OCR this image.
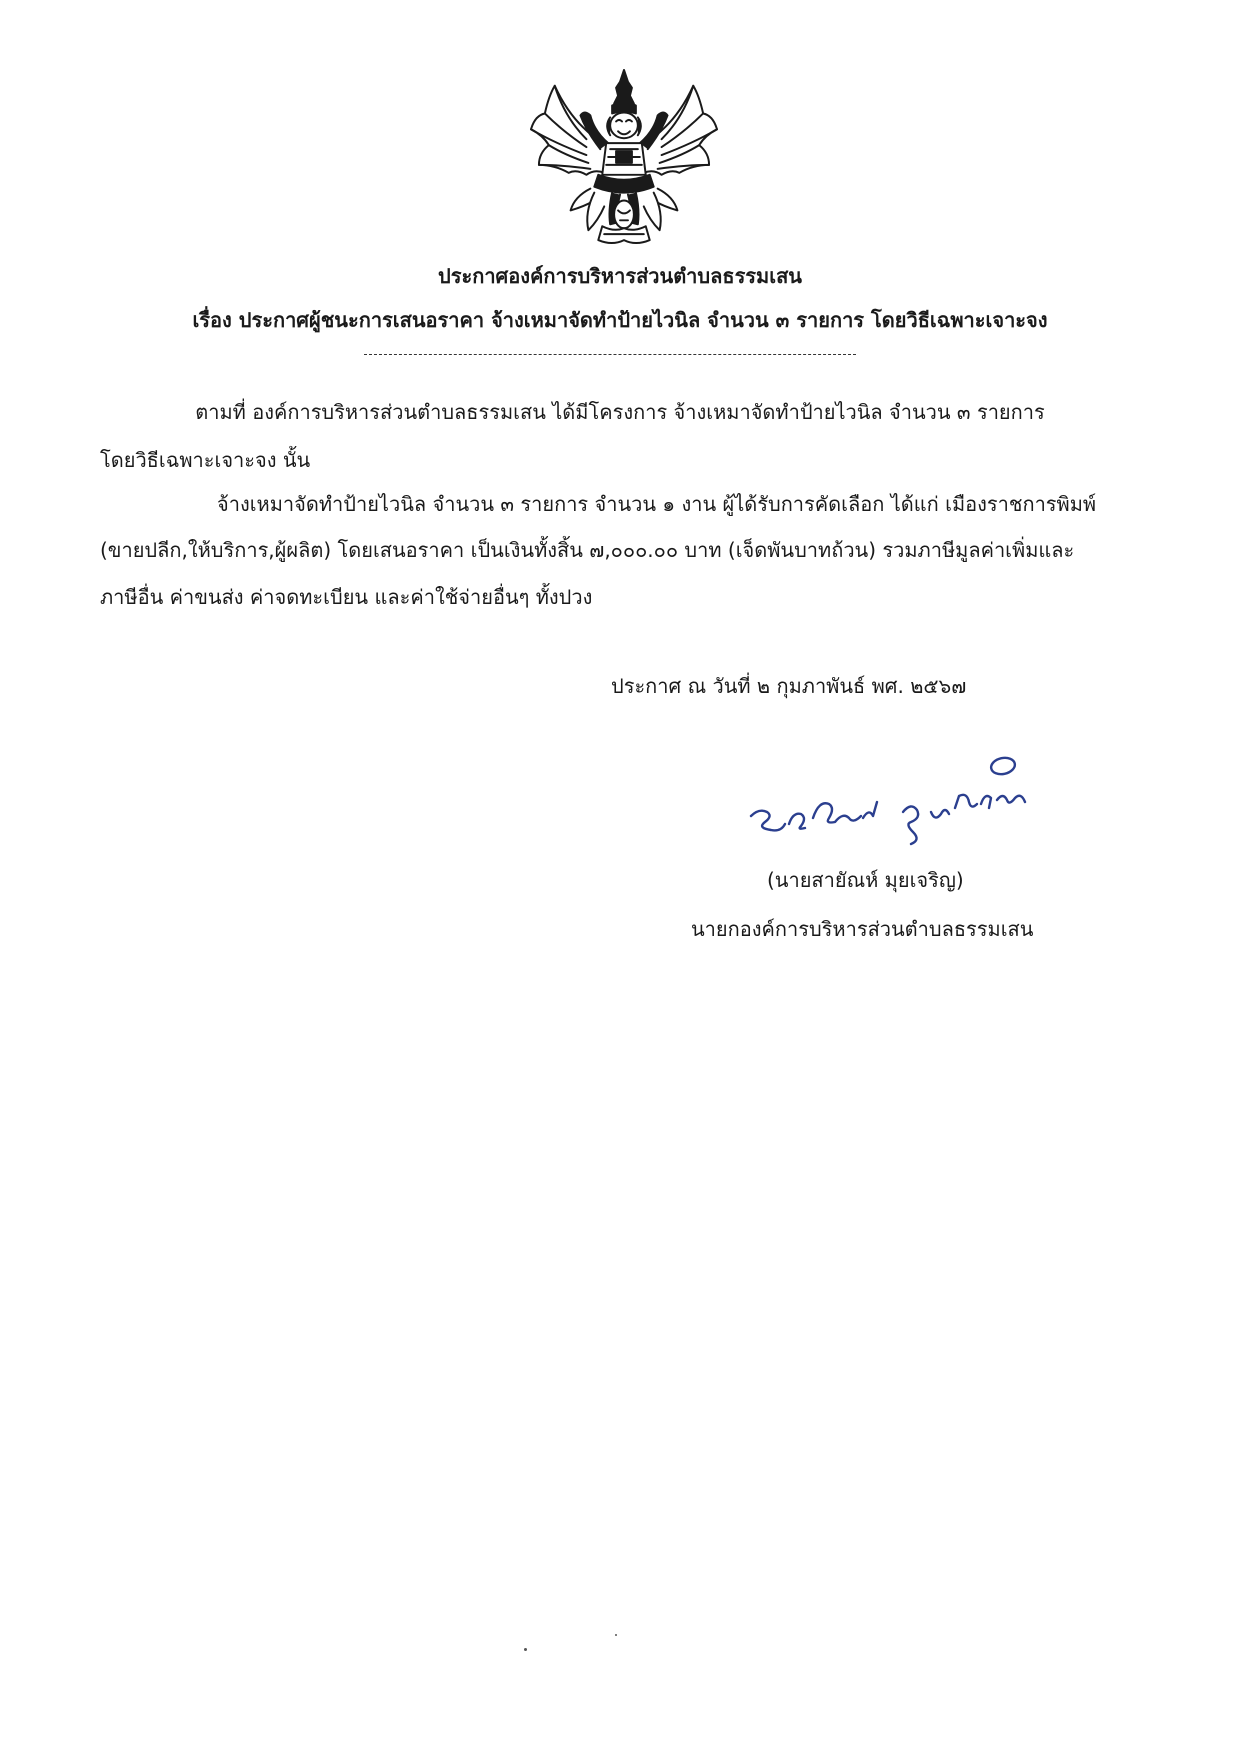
ประกาศองค์การบริหารส่วนตำบลธรรมเสน
เรื่อง ประกาศผู้ชนะการเสนอราคา จ้างเหมาจัดทำป้ายไวนิล จำนวน ๓ รายการ โดยวิธีเฉพาะเจาะจง
ตามที่ องค์การบริหารส่วนตำบลธรรมเสน ได้มีโครงการ จ้างเหมาจัดทำป้ายไวนิล จำนวน ๓ รายการ
โดยวิธีเฉพาะเจาะจง นั้น
จ้างเหมาจัดทำป้ายไวนิล จำนวน ๓ รายการ จำนวน ๑ งาน ผู้ได้รับการคัดเลือก ได้แก่ เมืองราชการพิมพ์
(ขายปลีก,ให้บริการ,ผู้ผลิต) โดยเสนอราคา เป็นเงินทั้งสิ้น ๗,๐๐๐.๐๐ บาท (เจ็ดพันบาทถ้วน) รวมภาษีมูลค่าเพิ่มและ
ภาษีอื่น ค่าขนส่ง ค่าจดทะเบียน และค่าใช้จ่ายอื่นๆ ทั้งปวง
ประกาศ ณ วันที่ ๒ กุมภาพันธ์ พศ. ๒๕๖๗
(นายสายัณห์ มุยเจริญ)
นายกองค์การบริหารส่วนตำบลธรรมเสน
